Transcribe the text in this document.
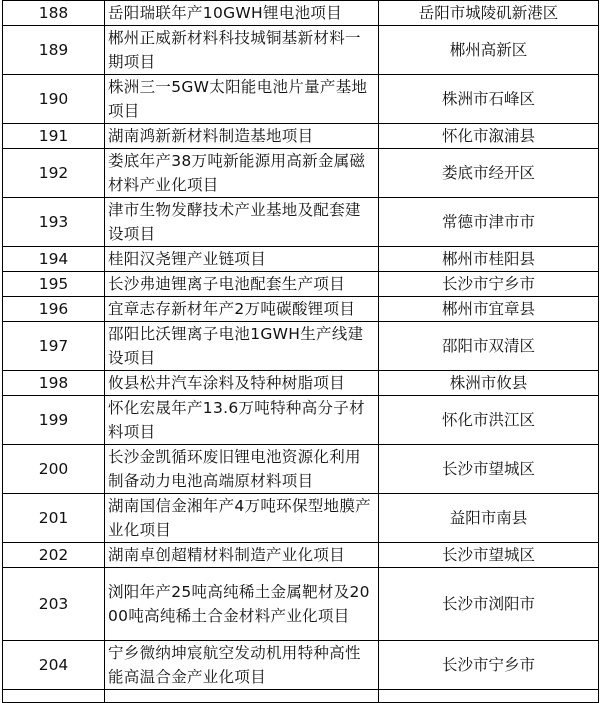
188	岳阳瑞联年产10GWH锂电池项目	岳阳市城陵矶新港区
189	郴州正威新材料科技城铜基新材料一期项目	郴州高新区
190	株洲三一5GW太阳能电池片量产基地项目	株洲市石峰区
191	湖南鸿新新材料制造基地项目	怀化市溆浦县
192	娄底年产38万吨新能源用高新金属磁材料产业化项目	娄底市经开区
193	津市生物发酵技术产业基地及配套建设项目	常德市津市市
194	桂阳汉尧锂产业链项目	郴州市桂阳县
195	长沙弗迪锂离子电池配套生产项目	长沙市宁乡市
196	宜章志存新材年产2万吨碳酸锂项目	郴州市宜章县
197	邵阳比沃锂离子电池1GWH生产线建设项目	邵阳市双清区
198	攸县松井汽车涂料及特种树脂项目	株洲市攸县
199	怀化宏晟年产13.6万吨特种高分子材料项目	怀化市洪江区
200	长沙金凯循环废旧锂电池资源化利用制备动力电池高端原材料项目	长沙市望城区
201	湖南国信金湘年产4万吨环保型地膜产业化项目	益阳市南县
202	湖南卓创超精材料制造产业化项目	长沙市望城区
203	浏阳年产25吨高纯稀土金属靶材及2000吨高纯稀土合金材料产业化项目	长沙市浏阳市
204	宁乡微纳坤宸航空发动机用特种高性能高温合金产业化项目	长沙市宁乡市
